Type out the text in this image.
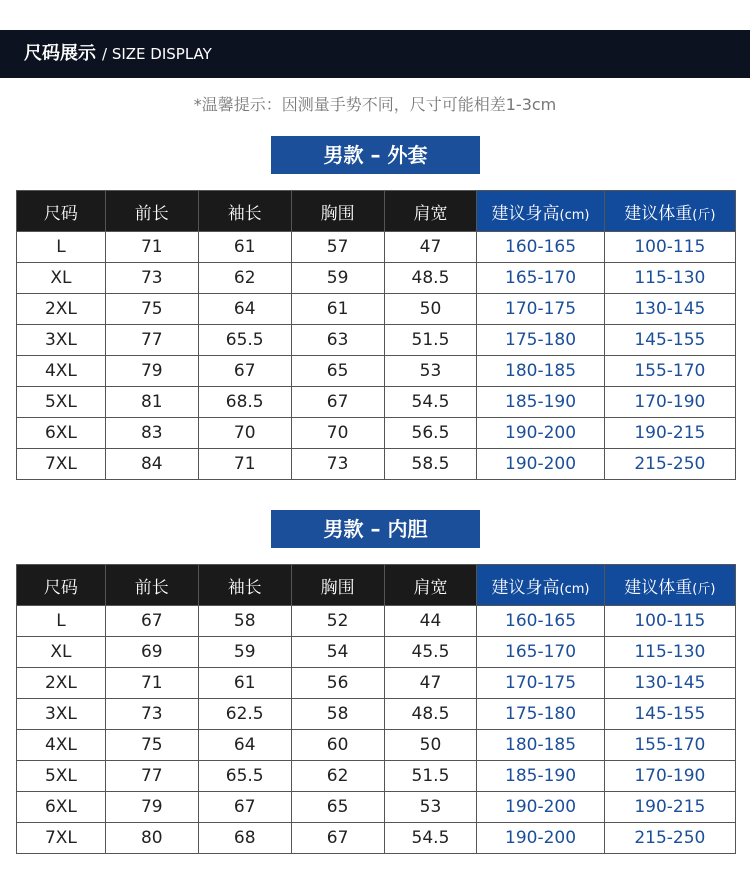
尺码展示 / SIZE DISPLAY
*温馨提示：因测量手势不同，尺寸可能相差1-3cm
男款 – 外套
尺码	前长	袖长	胸围	肩宽	建议身高(cm)	建议体重(斤)
L	71	61	57	47	160-165	100-115
XL	73	62	59	48.5	165-170	115-130
2XL	75	64	61	50	170-175	130-145
3XL	77	65.5	63	51.5	175-180	145-155
4XL	79	67	65	53	180-185	155-170
5XL	81	68.5	67	54.5	185-190	170-190
6XL	83	70	70	56.5	190-200	190-215
7XL	84	71	73	58.5	190-200	215-250
男款 – 内胆
尺码	前长	袖长	胸围	肩宽	建议身高(cm)	建议体重(斤)
L	67	58	52	44	160-165	100-115
XL	69	59	54	45.5	165-170	115-130
2XL	71	61	56	47	170-175	130-145
3XL	73	62.5	58	48.5	175-180	145-155
4XL	75	64	60	50	180-185	155-170
5XL	77	65.5	62	51.5	185-190	170-190
6XL	79	67	65	53	190-200	190-215
7XL	80	68	67	54.5	190-200	215-250
